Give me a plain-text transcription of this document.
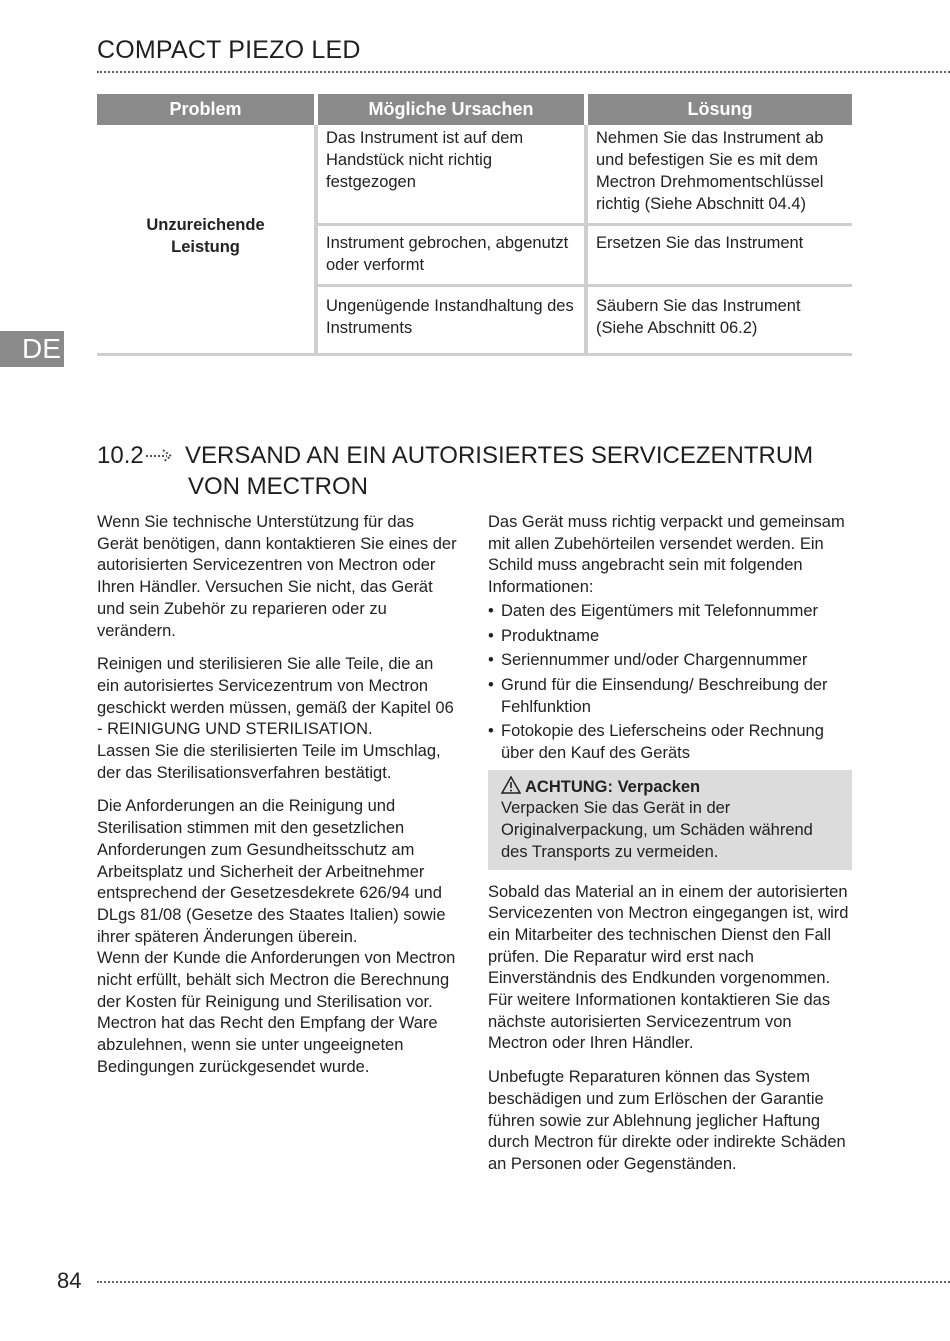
COMPACT PIEZO LED
DE
Problem		Mögliche Ursachen		Lösung
Unzureichende Leistung		Das Instrument ist auf dem Handstück nicht richtig festgezogen		Nehmen Sie das Instrument ab und befestigen Sie es mit dem Mectron Drehmomentschlüssel richtig (Siehe Abschnitt 04.4)
		Instrument gebrochen, abgenutzt oder verformt		Ersetzen Sie das Instrument
		Ungenügende Instandhaltung des Instruments		Säubern Sie das Instrument (Siehe Abschnitt 06.2)
10.2 VERSAND AN EIN AUTORISIERTES SERVICEZENTRUM
VON MECTRON

Wenn Sie technische Unterstützung für das Gerät benötigen, dann kontaktieren Sie eines der autorisierten Servicezentren von Mectron oder Ihren Händler. Versuchen Sie nicht, das Gerät und sein Zubehör zu reparieren oder zu verändern.

Reinigen und sterilisieren Sie alle Teile, die an ein autorisiertes Servicezentrum von Mectron geschickt werden müssen, gemäß der Kapitel 06 - REINIGUNG UND STERILISATION.
Lassen Sie die sterilisierten Teile im Umschlag, der das Sterilisationsverfahren bestätigt.

Die Anforderungen an die Reinigung und Sterilisation stimmen mit den gesetzlichen Anforderungen zum Gesundheitsschutz am Arbeitsplatz und Sicherheit der Arbeitnehmer entsprechend der Gesetzesdekrete 626/94 und DLgs 81/08 (Gesetze des Staates Italien) sowie ihrer späteren Änderungen überein.
Wenn der Kunde die Anforderungen von Mectron nicht erfüllt, behält sich Mectron die Berechnung der Kosten für Reinigung und Sterilisation vor. Mectron hat das Recht den Empfang der Ware abzulehnen, wenn sie unter ungeeigneten Bedingungen zurückgesendet wurde.

Das Gerät muss richtig verpackt und gemeinsam mit allen Zubehörteilen versendet werden. Ein Schild muss angebracht sein mit folgenden Informationen:

• Daten des Eigentümers mit Telefonnummer
• Produktname
• Seriennummer und/oder Chargennummer
• Grund für die Einsendung/ Beschreibung der Fehlfunktion
• Fotokopie des Lieferscheins oder Rechnung über den Kauf des Geräts
ACHTUNG: Verpacken
Verpacken Sie das Gerät in der Originalverpackung, um Schäden während des Transports zu vermeiden.

Sobald das Material an in einem der autorisierten Servicezenten von Mectron eingegangen ist, wird ein Mitarbeiter des technischen Dienst den Fall prüfen. Die Reparatur wird erst nach Einverständnis des Endkunden vorgenommen. Für weitere Informationen kontaktieren Sie das nächste autorisierten Servicezentrum von Mectron oder Ihren Händler.

Unbefugte Reparaturen können das System beschädigen und zum Erlöschen der Garantie führen sowie zur Ablehnung jeglicher Haftung durch Mectron für direkte oder indirekte Schäden an Personen oder Gegenständen.

84
